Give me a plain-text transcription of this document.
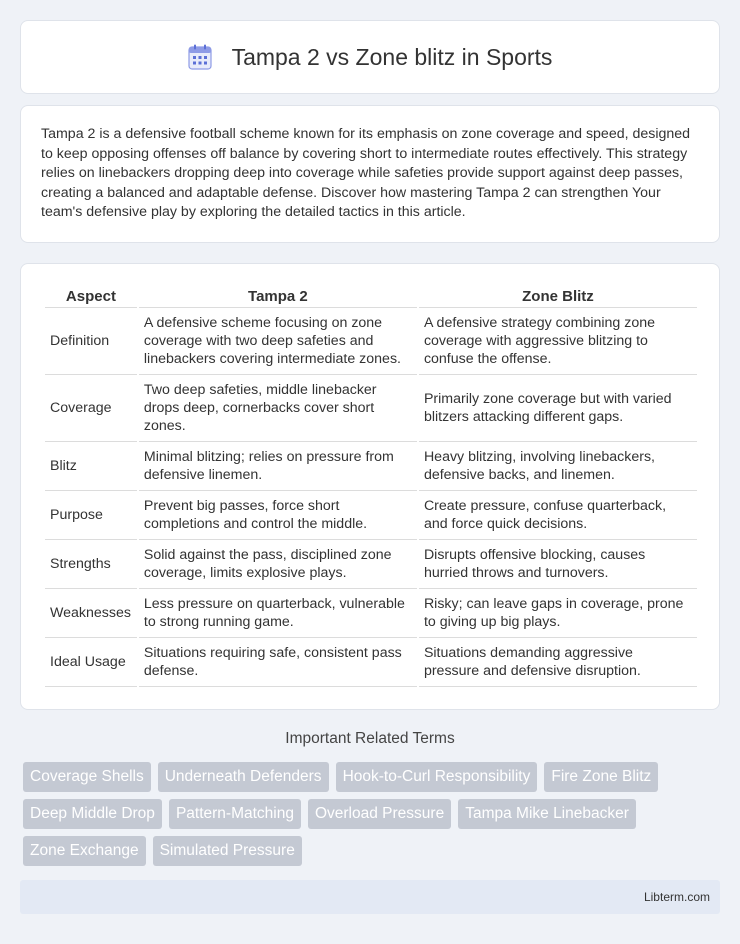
Tampa 2 vs Zone blitz in Sports

Tampa 2 is a defensive football scheme known for its emphasis on zone coverage and speed, designed to keep opposing offenses off balance by covering short to intermediate routes effectively. This strategy relies on linebackers dropping deep into coverage while safeties provide support against deep passes, creating a balanced and adaptable defense. Discover how mastering Tampa 2 can strengthen Your team's defensive play by exploring the detailed tactics in this article.

Aspect	Tampa 2	Zone Blitz
Definition	A defensive scheme focusing on zone coverage with two deep safeties and linebackers covering intermediate zones.	A defensive strategy combining zone coverage with aggressive blitzing to confuse the offense.
Coverage	Two deep safeties, middle linebacker drops deep, cornerbacks cover short zones.	Primarily zone coverage but with varied blitzers attacking different gaps.
Blitz	Minimal blitzing; relies on pressure from defensive linemen.	Heavy blitzing, involving linebackers, defensive backs, and linemen.
Purpose	Prevent big passes, force short completions and control the middle.	Create pressure, confuse quarterback, and force quick decisions.
Strengths	Solid against the pass, disciplined zone coverage, limits explosive plays.	Disrupts offensive blocking, causes hurried throws and turnovers.
Weaknesses	Less pressure on quarterback, vulnerable to strong running game.	Risky; can leave gaps in coverage, prone to giving up big plays.
Ideal Usage	Situations requiring safe, consistent pass defense.	Situations demanding aggressive pressure and defensive disruption.
Important Related Terms
Coverage Shells	Underneath Defenders	Hook-to-Curl Responsibility	Fire Zone Blitz
Deep Middle Drop	Pattern-Matching	Overload Pressure	Tampa Mike Linebacker
Zone Exchange	Simulated Pressure
Libterm.com
